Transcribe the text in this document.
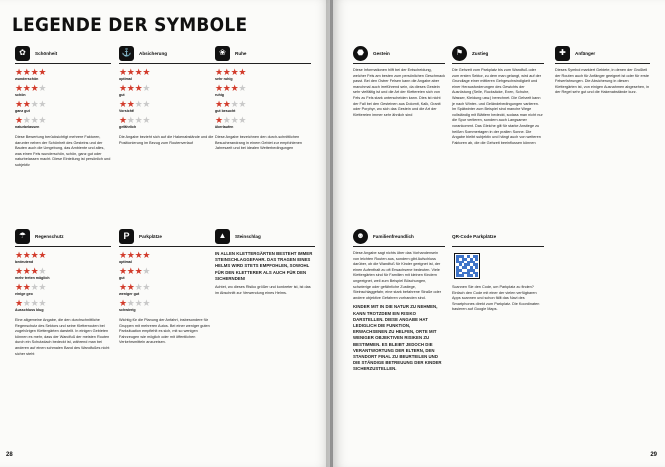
LEGENDE DER SYMBOLE
✿	Schönheit
★★★★
wunderschön
★★★★
schön
★★★★
ganz gut
★★★★
naturbelassen
Diese Bewertung berücksichtigt mehrere Faktoren, darunter neben der Schönheit des Gesteins und der Bauten auch die Umgebung, das Ambiente und alles, was einen Fels wunderschön, schön, ganz gut oder naturbelassen macht. Diese Einteilung ist persönlich und subjektiv
⚓	Absicherung
★★★★
optimal
★★★★
gut
★★★★
Vorsicht!
★★★★
gefährlich
Die Angabe bezieht sich auf die Hakenabstände und die Positionierung im Bezug zum Routenverlauf
❀	Ruhe
★★★★
sehr ruhig
★★★★
ruhig
★★★★
gut besucht
★★★★
überlaufen
Diese Angabe bezeichnen den durch-schnittlichen Besucherandrang in einem Gebiet zur empfohlenen Jahreszeit und bei idealen Wetterbedingungen
☂	Regenschutz
★★★★
bedeutend
★★★★
mehr treten möglich
★★★★
einige geo
★★★★
Ausschluss klug
Eine allgemeine Angabe, die den durchschnittliche Regenschutz des Sektors und seine Kletterrouten bei zugehörigen Klettergärten darstellt. In einigen Gebieten können es mehr, dass der Wandfuß der meisten Routen durch ein Schutzdach bedeckt ist, während man bei anderen auf einen schmalen Band des Wandfußes nicht sicher steht
P	Parkplätze
★★★★
optimal
★★★★
gut
★★★★
weniger gut
★★★★
schwierig
Wichtig für die Planung der Anfahrt, insbesondere für Gruppen mit mehreren Autos. Bei einer weniger guten Parksituation empfiehlt es sich, mit so wenigen Fahrzeugen wie möglich oder mit öffentlichen Verkehrsmitteln anzureisen.
▲	Steinschlag
IN ALLEN KLETTERGÄRTEN BESTEHT IMMER STEINSCHLAGGEFAHR. DAS TRAGEN EINES HELMS WIRD STETS EMPFOHLEN, SOWOHL FÜR DEN KLETTERER ALS AUCH FÜR DEN SICHERNDEN!
Achtet, wo dieses Risiko größer und konkreter ist, ist das im Abschnitt zur Verwendung eines Helms.
28
⬣	Gestein
Diese Informationen hilft bei der Entscheidung, welcher Fels am besten zum persönlichen Geschmack passt. Bei den Ostrer Felsen kann die Angabe aber manchmal auch irreführend sein, da dieses Gestein sehr vielfältig ist und die Art der Klettereien sich von Fels zu Fels stark unterscheiden kann. Dies ist nicht der Fall bei den Gesteinen aus Dolomit, Kalk, Granit oder Porphyr, wo sich das Gestein und die Art der Klettereien immer sehr ähnlich sind
⚑	Zustieg
Die Gehzeit vom Parkplatz bis zum Wandfuß oder zum ersten Sektor, zu dem man gelangt, wird auf der Grundlage einer mittleren Gehgeschwindigkeit und einer Herausforderungen des Gewichts der Ausrüstung (Seile, Rucksäcke, Exen, Schuhe, Wasser, Kleidung usw.) berechnet. Die Gehzeit kann je nach Winter- und Geländebedingungen variieren. Im Spätwinter zum Beispiel sind manche Wege vollständig mit Blättern bedeckt, sodass man nicht nur die Spur verlieren, sondern auch Langsamer vorankommt. Das Gleiche gilt für starke Anstiege zu heißen Sommertagen in der prallen Sonne. Die Angabe bleibt subjektiv und hängt auch von weiteren Faktoren ab, die die Gehzeit beeinflussen können
✚	Anfänger
Dieses Symbol markiert Gebiete, in denen der Großteil der Routen auch für Anfänger geeignet ist oder für erste Felserfahrungen. Die Absicherung in diesen Klettergärten ist, von einigen Ausnahmen abgesehen, in der Regel sehr gut und die Hakenabstände kurz.
☻	Familienfreundlich
Diese Angabe sagt nichts über das Vorhandensein von leichten Routen aus, sondern gibt Aufschluss darüber, ob die Wandfuß für Kinder geeignet ist, der einen Aufenthalt zu oft Erwachsene bedeuten. Viele Klettergärten sind für Familien mit kleinen Kindern ungeeignet, weil zum Beispiel Böschungen, schwierige oder gefährliche Zustiege, Steinschlaggefahr, eine stark befahrene Straße oder andere objektive Gefahren vorhanden sind.
KINDER MIT IN DIE NATUR ZU NEHMEN, KANN TROTZDEM EIN RISIKO DARSTELLEN. DIESE ANGABE HAT LEDIGLICH DIE FUNKTION, ERWACHSENEN ZU HELFEN, ORTE MIT WENIGER OBJEKTIVEN RISIKEN ZU BESTIMMEN. ES BLEIBT JEDOCH DIE VERANTWORTUNG DER ELTERN, DEN STANDORT FINAL ZU BEURTEILEN UND DIE STÄNDIGE BETREUUNG DER KINDER SICHERZUSTELLEN.
QR-Code Parkplätze
Scannen Sie den Code, um Parkplatz zu finden? Einfach den Code mit einer der vielen verfügbaren Apps scannen und schon fällt das Navi des Smartphones direkt zum Parkplatz. Die Koordinaten basieren auf Google Maps.
29
